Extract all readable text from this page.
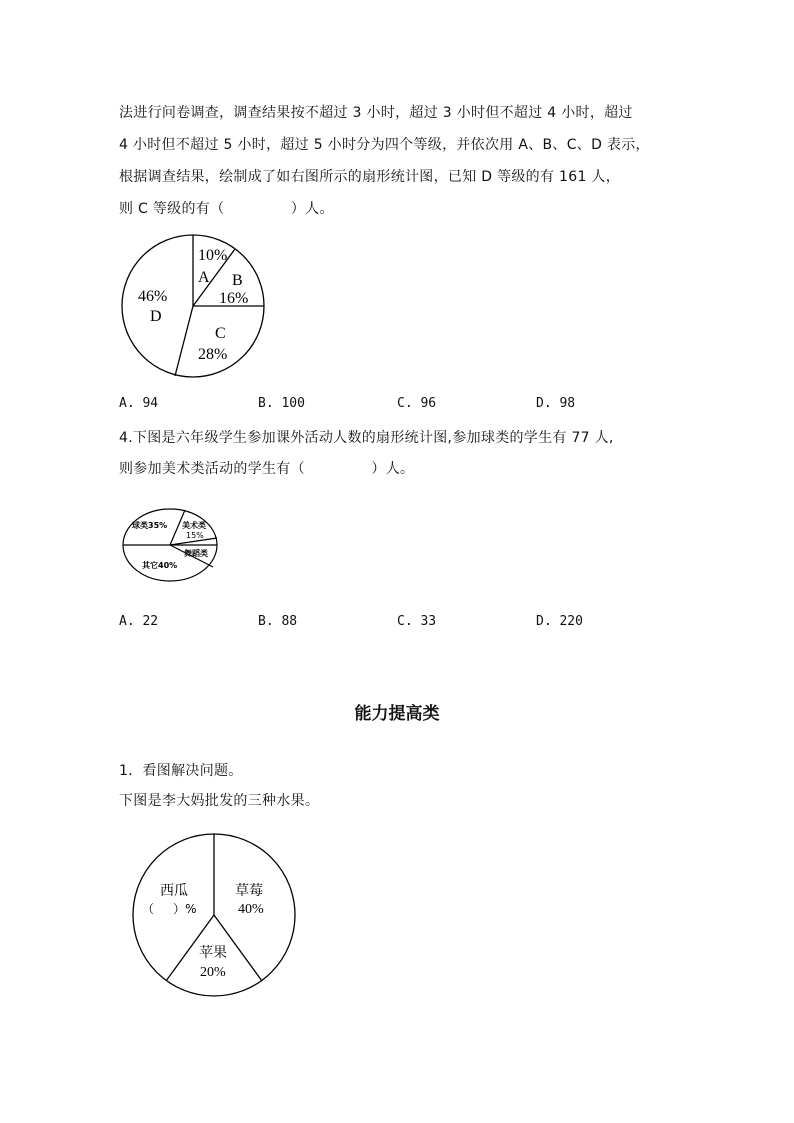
法进行问卷调查，调查结果按不超过 3 小时，超过 3 小时但不超过 4 小时，超过
4 小时但不超过 5 小时，超过 5 小时分为四个等级，并依次用 A、B、C、D 表示，
根据调查结果，绘制成了如右图所示的扇形统计图，已知 D 等级的有 161 人，
则 C 等级的有（              ）人。
10%
A B
16%
C
28%
46%
D
A. 94	B. 100	C. 96	D. 98
4.下图是六年级学生参加课外活动人数的扇形统计图,参加球类的学生有 77 人,
则参加美术类活动的学生有（              ）人。
球类35% 美术类
15%
舞蹈类
其它40%
A. 22	B. 88	C. 33	D. 220
能力提高类
1．看图解决问题。
下图是李大妈批发的三种水果。
草莓
40%
苹果
20%
西瓜
（     ）%
